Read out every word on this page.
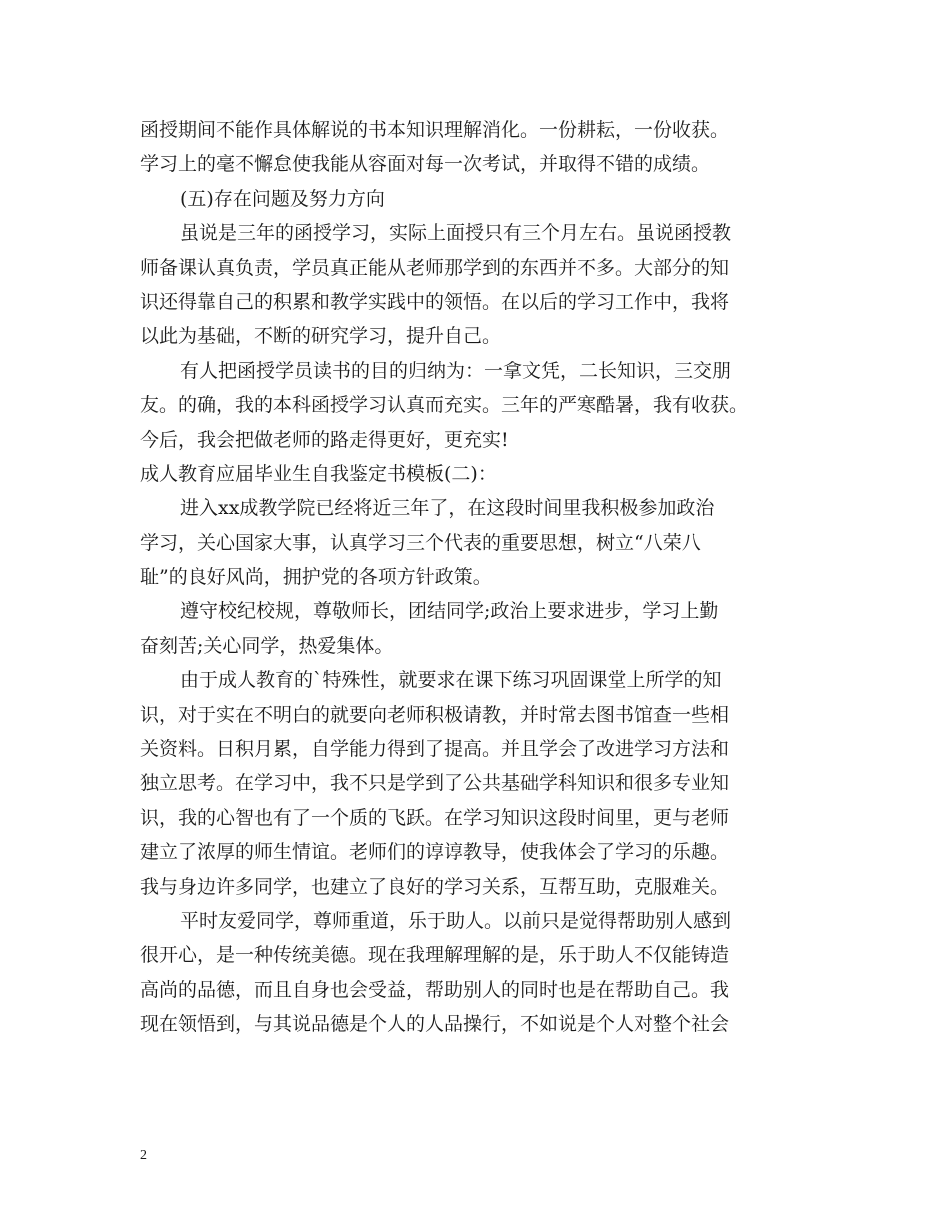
函授期间不能作具体解说的书本知识理解消化。一份耕耘，一份收获。
学习上的毫不懈怠使我能从容面对每一次考试，并取得不错的成绩。
(五)存在问题及努力方向
虽说是三年的函授学习，实际上面授只有三个月左右。虽说函授教
师备课认真负责，学员真正能从老师那学到的东西并不多。大部分的知
识还得靠自己的积累和教学实践中的领悟。在以后的学习工作中，我将
以此为基础，不断的研究学习，提升自己。
有人把函授学员读书的目的归纳为：一拿文凭，二长知识，三交朋
友。的确，我的本科函授学习认真而充实。三年的严寒酷暑，我有收获。
今后，我会把做老师的路走得更好，更充实!
成人教育应届毕业生自我鉴定书模板(二)：
进入xx成教学院已经将近三年了，在这段时间里我积极参加政治
学习，关心国家大事，认真学习三个代表的重要思想，树立“八荣八
耻”的良好风尚，拥护党的各项方针政策。
遵守校纪校规，尊敬师长，团结同学;政治上要求进步，学习上勤
奋刻苦;关心同学，热爱集体。
由于成人教育的`特殊性，就要求在课下练习巩固课堂上所学的知
识，对于实在不明白的就要向老师积极请教，并时常去图书馆查一些相
关资料。日积月累，自学能力得到了提高。并且学会了改进学习方法和
独立思考。在学习中，我不只是学到了公共基础学科知识和很多专业知
识，我的心智也有了一个质的飞跃。在学习知识这段时间里，更与老师
建立了浓厚的师生情谊。老师们的谆谆教导，使我体会了学习的乐趣。
我与身边许多同学，也建立了良好的学习关系，互帮互助，克服难关。
平时友爱同学，尊师重道，乐于助人。以前只是觉得帮助别人感到
很开心，是一种传统美德。现在我理解理解的是，乐于助人不仅能铸造
高尚的品德，而且自身也会受益，帮助别人的同时也是在帮助自己。我
现在领悟到，与其说品德是个人的人品操行，不如说是个人对整个社会
2
